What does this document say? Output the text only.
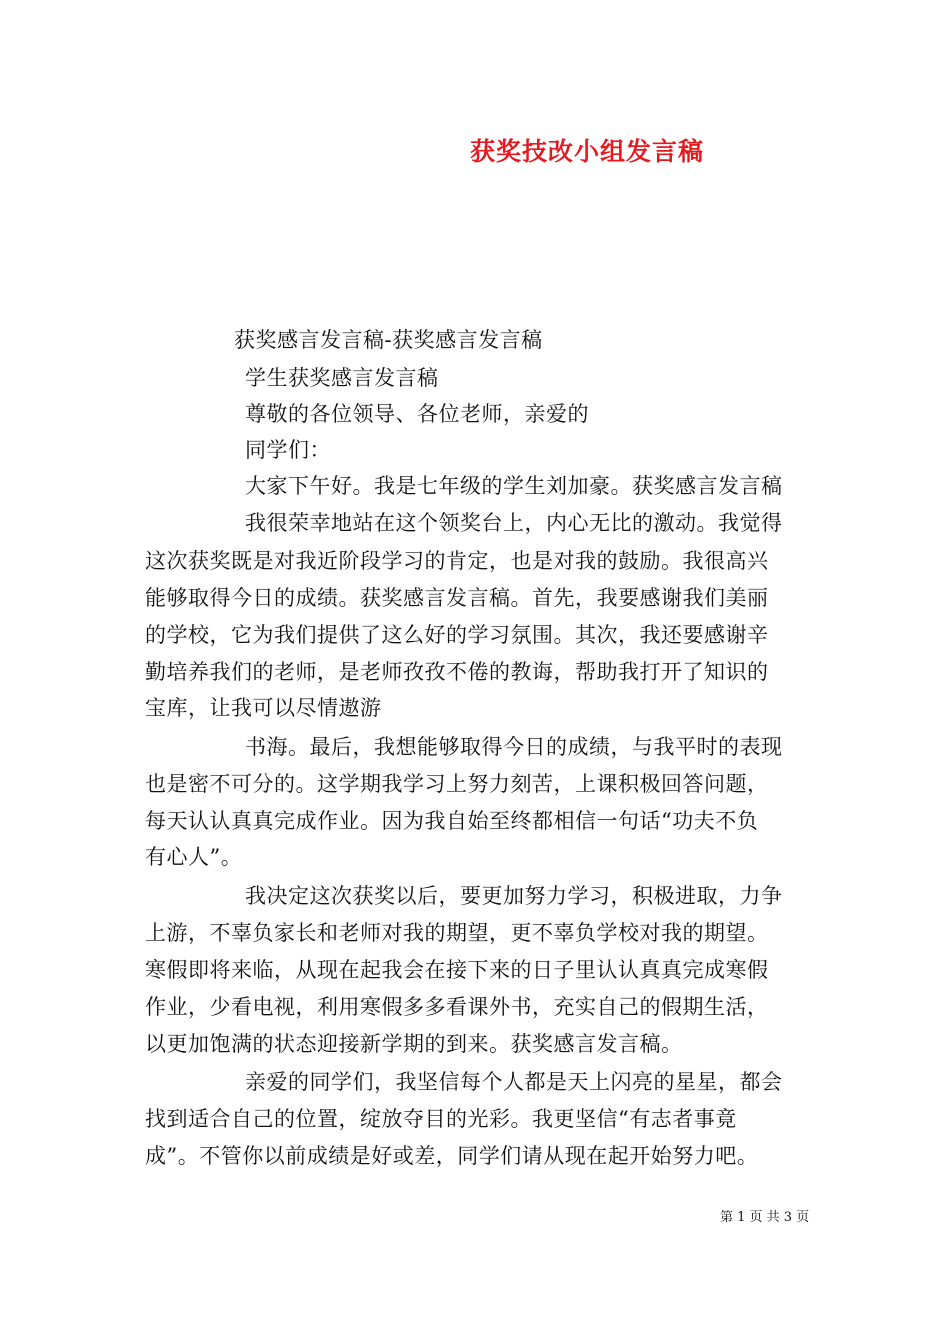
获奖技改小组发言稿
获奖感言发言稿-获奖感言发言稿
学生获奖感言发言稿
尊敬的各位领导、各位老师，亲爱的
同学们：
大家下午好。我是七年级的学生刘加豪。获奖感言发言稿
我很荣幸地站在这个领奖台上，内心无比的激动。我觉得
这次获奖既是对我近阶段学习的肯定，也是对我的鼓励。我很高兴
能够取得今日的成绩。获奖感言发言稿。首先，我要感谢我们美丽
的学校，它为我们提供了这么好的学习氛围。其次，我还要感谢辛
勤培养我们的老师，是老师孜孜不倦的教诲，帮助我打开了知识的
宝库，让我可以尽情遨游
书海。最后，我想能够取得今日的成绩，与我平时的表现
也是密不可分的。这学期我学习上努力刻苦，上课积极回答问题，
每天认认真真完成作业。因为我自始至终都相信一句话“功夫不负
有心人”。
我决定这次获奖以后，要更加努力学习，积极进取，力争
上游，不辜负家长和老师对我的期望，更不辜负学校对我的期望。
寒假即将来临，从现在起我会在接下来的日子里认认真真完成寒假
作业，少看电视，利用寒假多多看课外书，充实自己的假期生活，
以更加饱满的状态迎接新学期的到来。获奖感言发言稿。
亲爱的同学们，我坚信每个人都是天上闪亮的星星，都会
找到适合自己的位置，绽放夺目的光彩。我更坚信“有志者事竟
成”。不管你以前成绩是好或差，同学们请从现在起开始努力吧。
第 1 页 共 3 页
